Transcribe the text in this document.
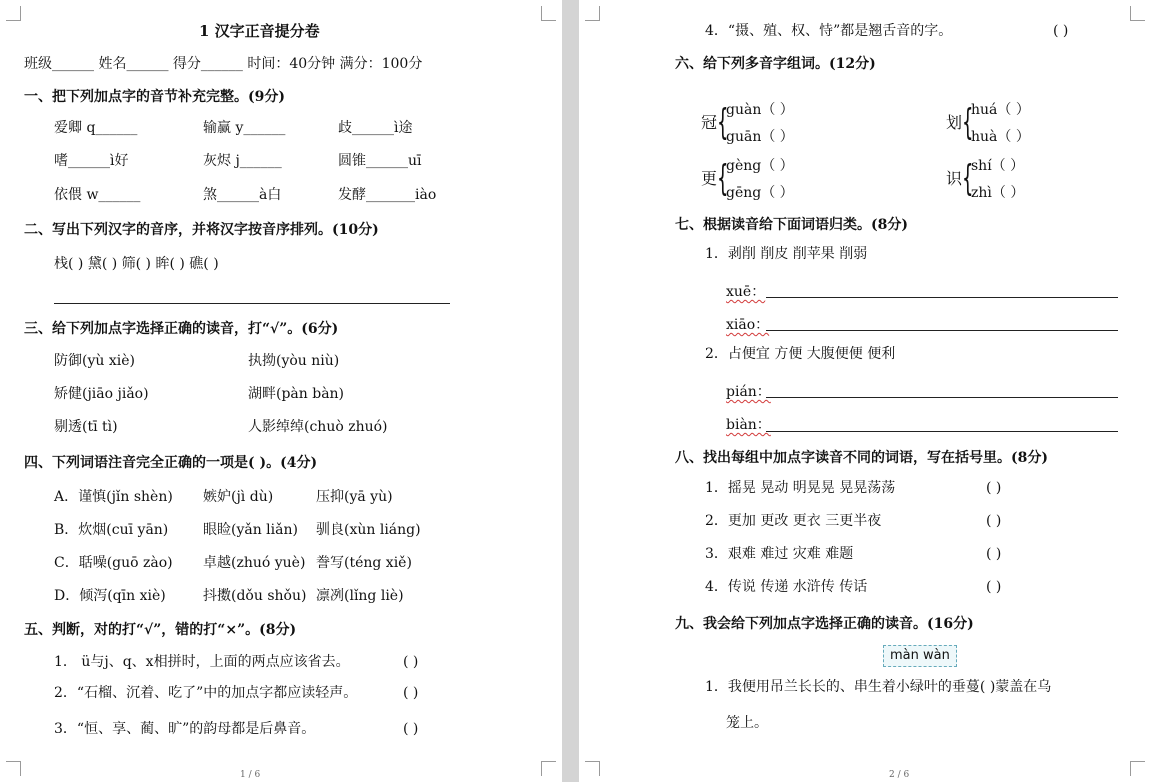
1 汉字正音提分卷
班级______ 姓名______ 得分______ 时间：40分钟 满分：100分
一、把下列加点字的音节补充完整。(9分)
爱卿 q______	输赢 y______	歧______ì途
嗜______ì好	灰烬 j______	圆锥______uī
依偎 w______	煞______à白	发酵_______iào
二、写出下列汉字的音序，并将汉字按音序排列。(10分)
栈( ) 黛( ) 筛( ) 眸( ) 礁( )
三、给下列加点字选择正确的读音，打“√”。(6分)
防御(yù xiè)	执拗(yòu niù)
矫健(jiāo jiǎo)	湖畔(pàn bàn)
剔透(tī tì)	人影绰绰(chuò zhuó)
四、下列词语注音完全正确的一项是( )。(4分)
A．谨慎(jǐn shèn) 嫉妒(jì dù)	压抑(yā yù)
B．炊烟(cuī yān) 眼睑(yǎn liǎn) 驯良(xùn liáng)
C．聒噪(guō zào) 卓越(zhuó yuè) 誊写(téng xiě)
D．倾泻(qīn xiè)	抖擞(dǒu shǒu) 凛冽(lǐng liè)
五、判断，对的打“√”，错的打“×”。(8分)
1． ü与j、q、x相拼时，上面的两点应该省去。	( )
2．“石榴、沉着、吃了”中的加点字都应读轻声。	( )
3．“恒、享、蔺、旷”的韵母都是后鼻音。	( )
1 / 6
4．“摄、殖、权、恃”都是翘舌音的字。	( )
六、给下列多音字组词。(12分)
冠 {
guàn（ ）
guān（ ）
划 {
huá（ ）
huà（ ）
更 {
gèng（ ）
gēng（ ）
识 {
shí（ ）
zhì（ ）
七、根据读音给下面词语归类。(8分)
1．剥削 削皮 削苹果 削弱
xuē：
xiāo：
2．占便宜 方便 大腹便便 便利
pián：
biàn：
八、找出每组中加点字读音不同的词语，写在括号里。(8分)
1．摇晃 晃动 明晃晃 晃晃荡荡	( )
2．更加 更改 更衣 三更半夜	( )
3．艰难 难过 灾难 难题	( )
4．传说 传递 水浒传 传话	( )
九、我会给下列加点字选择正确的读音。(16分)
màn wàn
1．我便用吊兰长长的、串生着小绿叶的垂蔓( )蒙盖在乌
笼上。
2 / 6
